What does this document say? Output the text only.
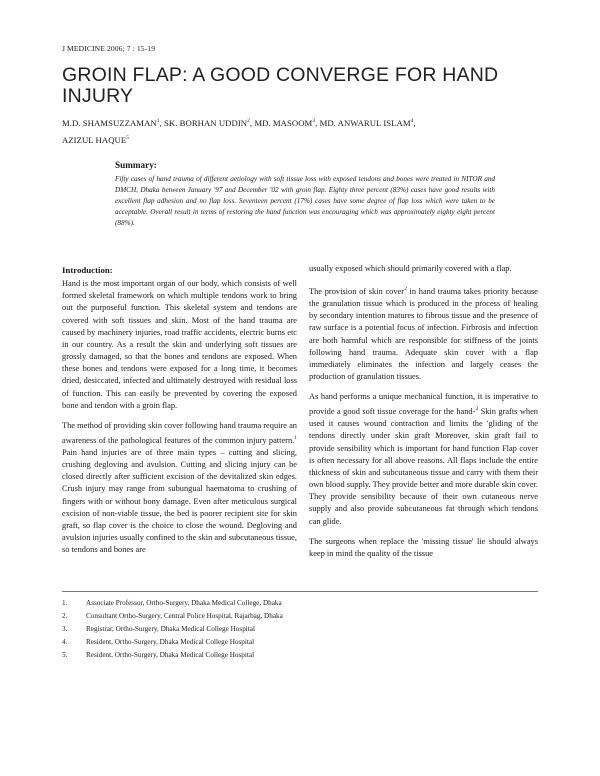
J MEDICINE 2006; 7 : 15-19
GROIN FLAP: A GOOD CONVERGE FOR HAND INJURY
M.D. SHAMSUZZAMAN$^1$, SK. BORHAN UDDIN$^2$, MD. MASOOM$^3$, MD. ANWARUL ISLAM$^4$,
AZIZUL HAQUE$^5$
Summary:

Fifty cases of hand trauma of different aetiology with soft tissue loss with exposed tendons and bones were treated in NITOR and DMCH, Dhaka between January '97 and December '02 with groin flap. Eighty three percent (83%) cases have good results with excellent flap adhesion and no flap loss. Seventeen percent (17%) cases have some degree of flap loss which were taken to be acceptable. Overall result in terms of restoring the hand function was encouraging which was approximately eighty eight percent (88%).

Introduction:

Hand is the most important organ of our body, which consists of well formed skeletal framework on which multiple tendons work to bring out the purposeful function. This skeletal system and tendons are covered with soft tissues and skin. Most of the hand trauma are caused by machinery injuries, road traffic accidents, electric burns etc in our country. As a result the skin and underlying soft tissues are grossly damaged, so that the bones and tendons are exposed. When these bones and tendons were exposed for a long time, it becomes dried, desiccated, infected and ultimately destroyed with residual loss of function. This can easily be prevented by covering the exposed bone and tendon with a groin flap.

The method of providing skin cover following hand trauma require an awareness of the pathological features of the common injury pattern.$^1$ Pain hand injuries are of three main types – cutting and slicing, crushing degloving and avulsion. Cutting and slicing injury can be closed directly after sufficient excision of the devitalized skin edges. Crush injury may range from subungual haematoma to crushing of fingers with or without bony damage. Even after meticulous surgical excision of non-viable tissue, the bed is poorer recipient site for skin graft, so flap cover is the choice to close the wound. Degloving and avulsion injuries usually confined to the skin and subcutaneous tissue, so tendons and bones are

usually exposed which should primarily covered with a flap.

The provision of skin cover$^2$ in hand trauma takes priority because the granulation tissue which is produced in the process of healing by secondary intention matures to fibrous tissue and the presence of raw surface is a potential focus of infection. Firbrosis and infection are both harmful which are responsible for stiffness of the joints following hand trauma. Adequate skin cover with a flap immediately eliminates the infection and largely ceases the production of granulation tissues.

As hand performs a unique mechanical function, it is imperative to provide a good soft tissue coverage for the hand-$^3$ Skin grafts when used it causes wound contraction and limits the 'gliding of the tendons directly under skin graft Moreover, skin graft fail to provide sensibility which is important for hand function Flap cover is often necessary for all above reasons. All flaps include the entire thickness of skin and subcutaneous tissue and carry with them their own blood supply. They provide better and more durable skin cover. They provide sensibility because of their own cutaneous nerve supply and also provide subcutaneous fat through which tendons can glide.

The surgeons when replace the 'missing tissue' lie should always keep in mind the quality of the tissue

1.	Associate Professor, Ortho-Surgery, Dhaka Medical College, Dhaka
2.	Consultant Ortho-Surgery, Central Police Hospital, Rajarbag, Dhaka
3.	Registrar, Ortho-Surgery, Dhaka Medical College Hospital
4.	Resident, Ortho-Surgery, Dhaka Medical College Hospital
5.	Resident, Ortho-Surgery, Dhaka Medical College Hospital
